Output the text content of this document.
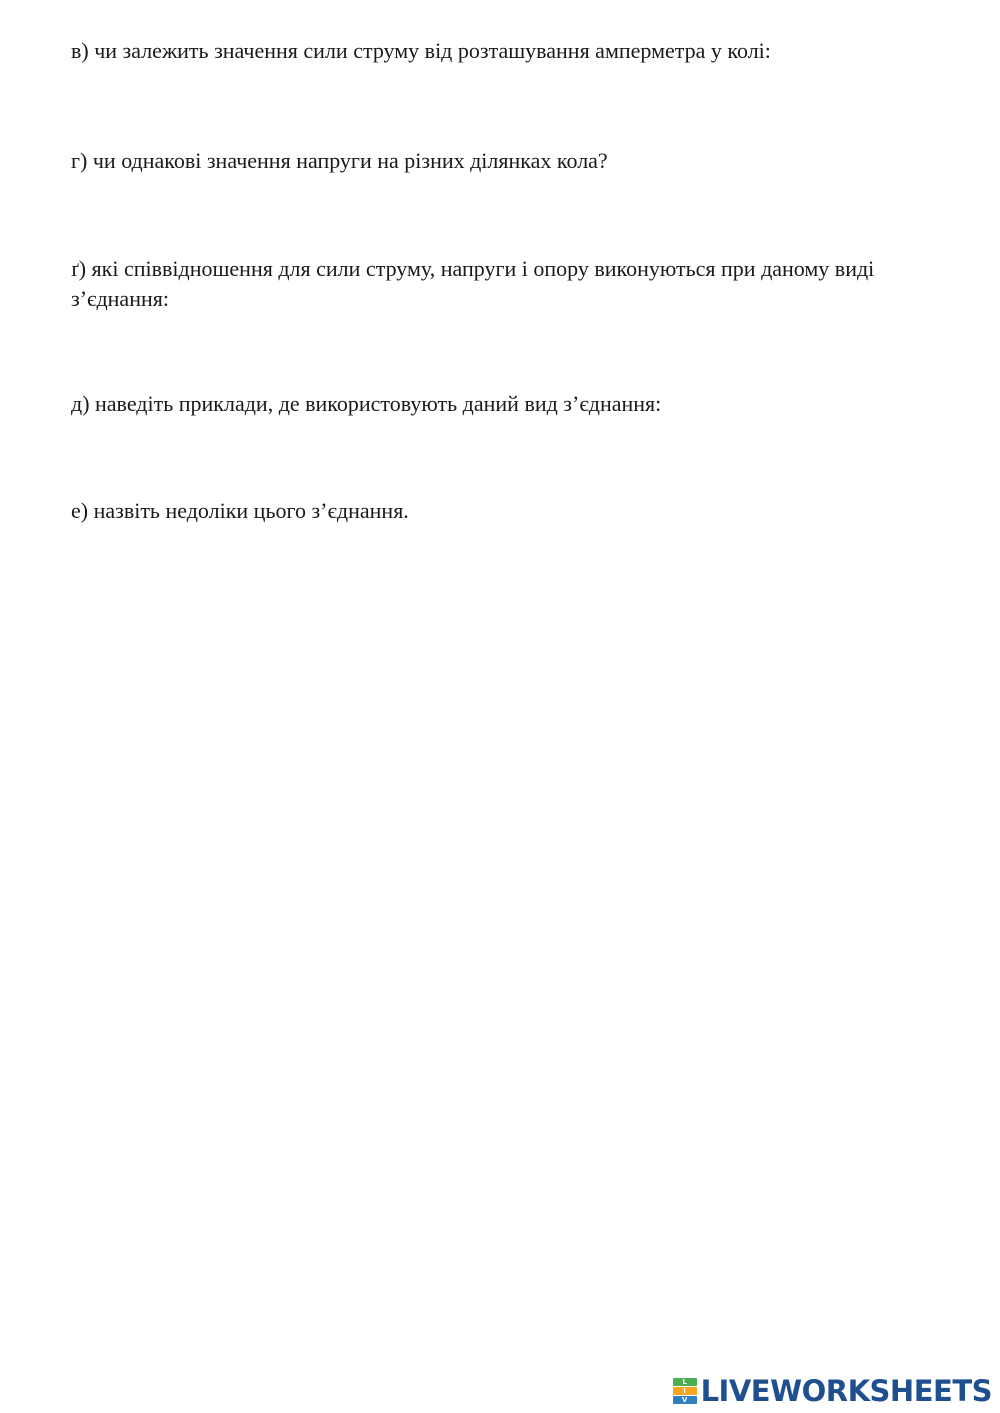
в) чи залежить значення сили струму від розташування амперметра у колі:

г) чи однакові значення напруги на різних ділянках кола?

ґ) які співвідношення для сили струму, напруги і опору виконуються при даному виді з’єднання:

д) наведіть приклади, де використовують даний вид з’єднання:

е) назвіть недоліки цього з’єднання.

L
I
V LIVEWORKSHEETS
